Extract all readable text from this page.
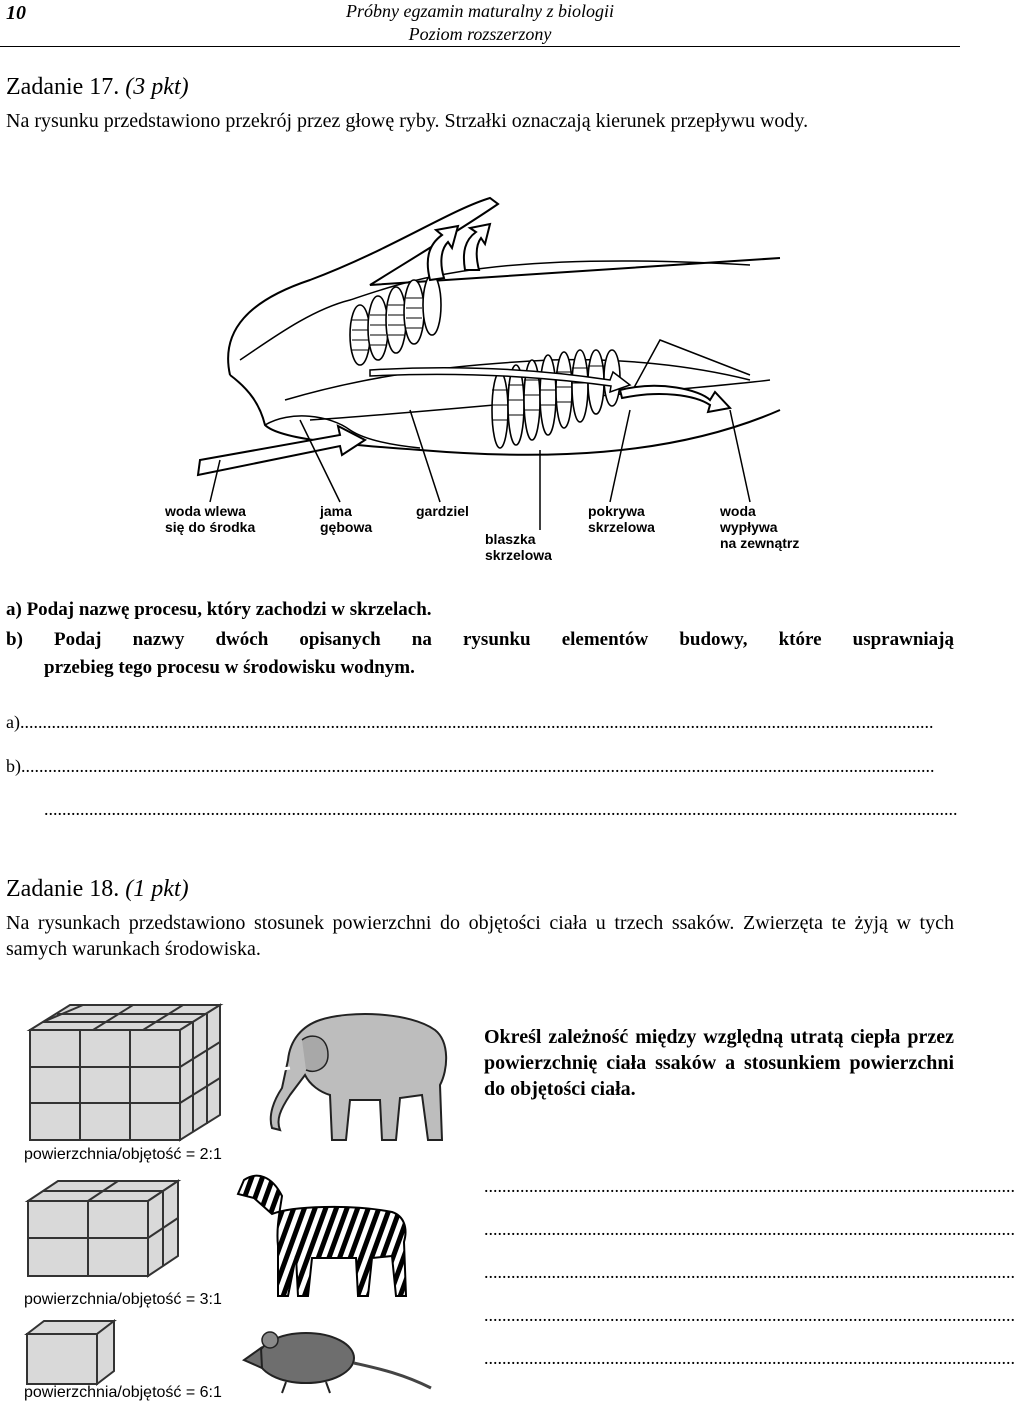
10	Próbny egzamin maturalny z biologii
Poziom rozszerzony
Zadanie 17. (3 pkt)
Na rysunku przedstawiono przekrój przez głowę ryby. Strzałki oznaczają kierunek przepływu wody.
woda wlewa
się do środka
jama
gębowa
gardziel
blaszka
skrzelowa
pokrywa
skrzelowa
woda
wypływa
na zewnątrz
a) Podaj nazwę procesu, który zachodzi w skrzelach.
b) Podaj nazwy dwóch opisanych na rysunku elementów budowy, które usprawniają
przebieg tego procesu w środowisku wodnym.
a)...........................................................................................................................................................................................................
b)...........................................................................................................................................................................................................
...........................................................................................................................................................................................................
Zadanie 18. (1 pkt)
Na rysunkach przedstawiono stosunek powierzchni do objętości ciała u trzech ssaków. Zwierzęta te żyją w tych samych warunkach środowiska.
powierzchnia/objętość = 2:1
powierzchnia/objętość = 3:1
powierzchnia/objętość = 6:1
Określ zależność między względną utratą ciepła przez powierzchnię ciała ssaków a stosunkiem powierzchni do objętości ciała.
......................................................................................................................
......................................................................................................................
......................................................................................................................
......................................................................................................................
......................................................................................................................
